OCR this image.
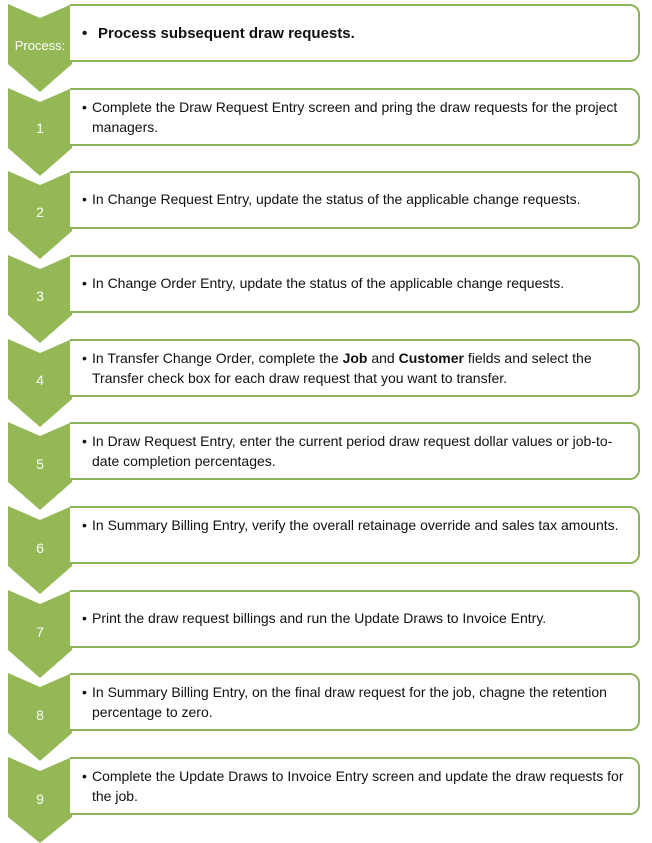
Process:
• Process subsequent draw requests.
1
• Complete the Draw Request Entry screen and pring the draw requests for the project managers.
2
• In Change Request Entry, update the status of the applicable change requests.
3
• In Change Order Entry, update the status of the applicable change requests.
4
• In Transfer Change Order, complete the Job and Customer fields and select the Transfer check box for each draw request that you want to transfer.
5
• In Draw Request Entry, enter the current period draw request dollar values or job-to-date completion percentages.
6
• In Summary Billing Entry, verify the overall retainage override and sales tax amounts.
7
• Print the draw request billings and run the Update Draws to Invoice Entry.
8
• In Summary Billing Entry, on the final draw request for the job, chagne the retention percentage to zero.
9
• Complete the Update Draws to Invoice Entry screen and update the draw requests for the job.
